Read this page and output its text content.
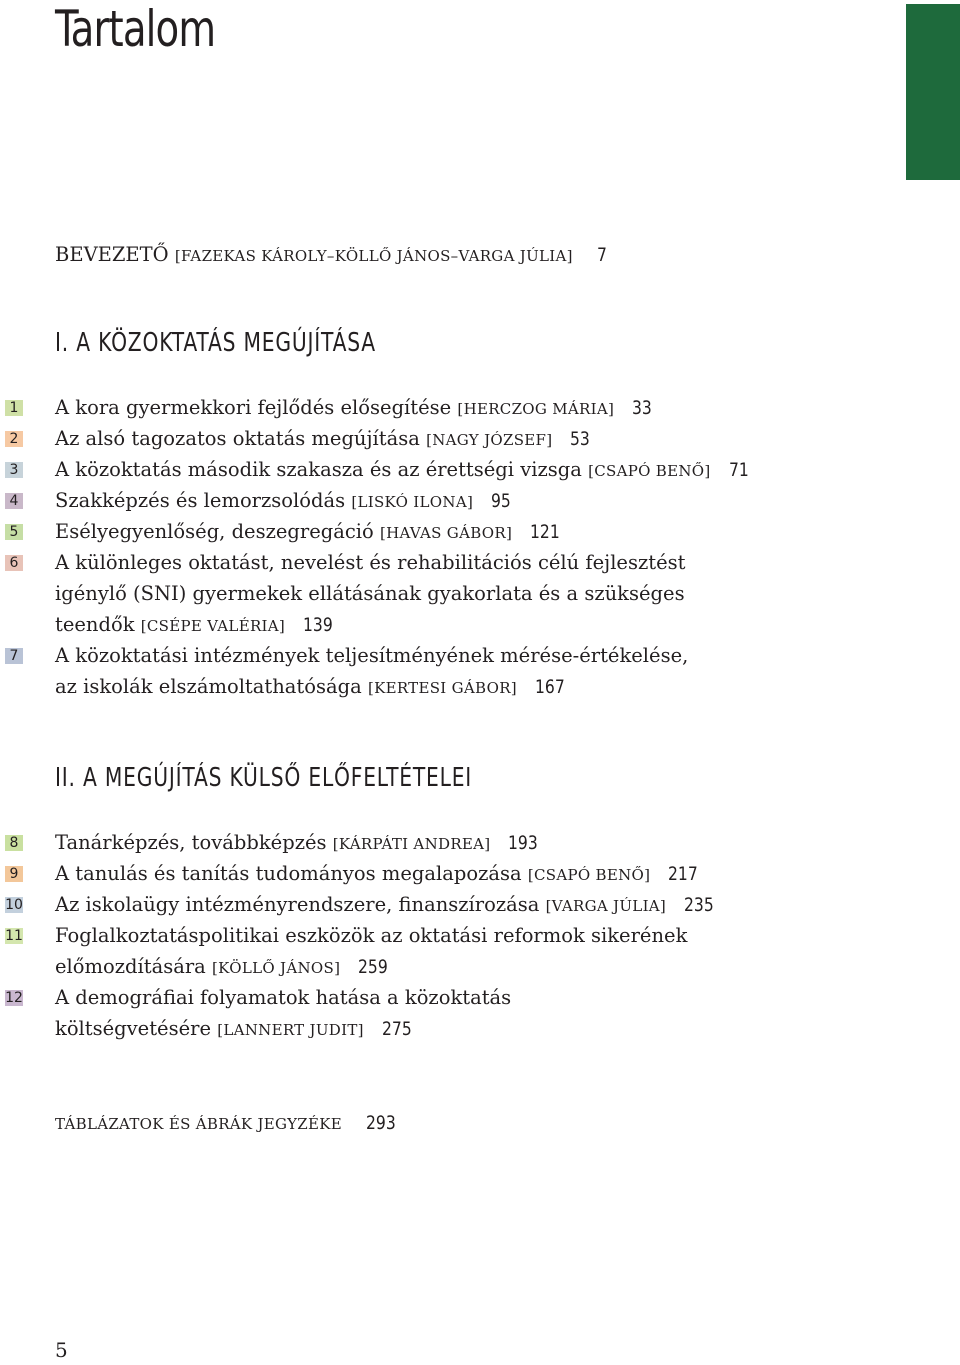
Tartalom
BEVEZETŐ [FAZEKAS KÁROLY–KÖLLŐ JÁNOS–VARGA JÚLIA] 7
I. A KÖZOKTATÁS MEGÚJÍTÁSA
1 A kora gyermekkori fejlődés elősegítése [HERCZOG MÁRIA] 33
2 Az alsó tagozatos oktatás megújítása [NAGY JÓZSEF] 53
3 A közoktatás második szakasza és az érettségi vizsga [CSAPÓ BENŐ] 71
4 Szakképzés és lemorzsolódás [LISKÓ ILONA] 95
5 Esélyegyenlőség, deszegregáció [HAVAS GÁBOR] 121
6 A különleges oktatást, nevelést és rehabilitációs célú fejlesztést
igénylő (SNI) gyermekek ellátásának gyakorlata és a szükséges
teendők [CSÉPE VALÉRIA] 139
7 A közoktatási intézmények teljesítményének mérése-értékelése,
az iskolák elszámoltathatósága [KERTESI GÁBOR] 167
II. A MEGÚJÍTÁS KÜLSŐ ELŐFELTÉTELEI
8 Tanárképzés, továbbképzés [KÁRPÁTI ANDREA] 193
9 A tanulás és tanítás tudományos megalapozása [CSAPÓ BENŐ] 217
10 Az iskolaügy intézményrendszere, finanszírozása [VARGA JÚLIA] 235
11 Foglalkoztatáspolitikai eszközök az oktatási reformok sikerének
előmozdítására [KÖLLŐ JÁNOS] 259
12 A demográfiai folyamatok hatása a közoktatás
költségvetésére [LANNERT JUDIT] 275
TÁBLÁZATOK ÉS ÁBRÁK JEGYZÉKE 293
5
